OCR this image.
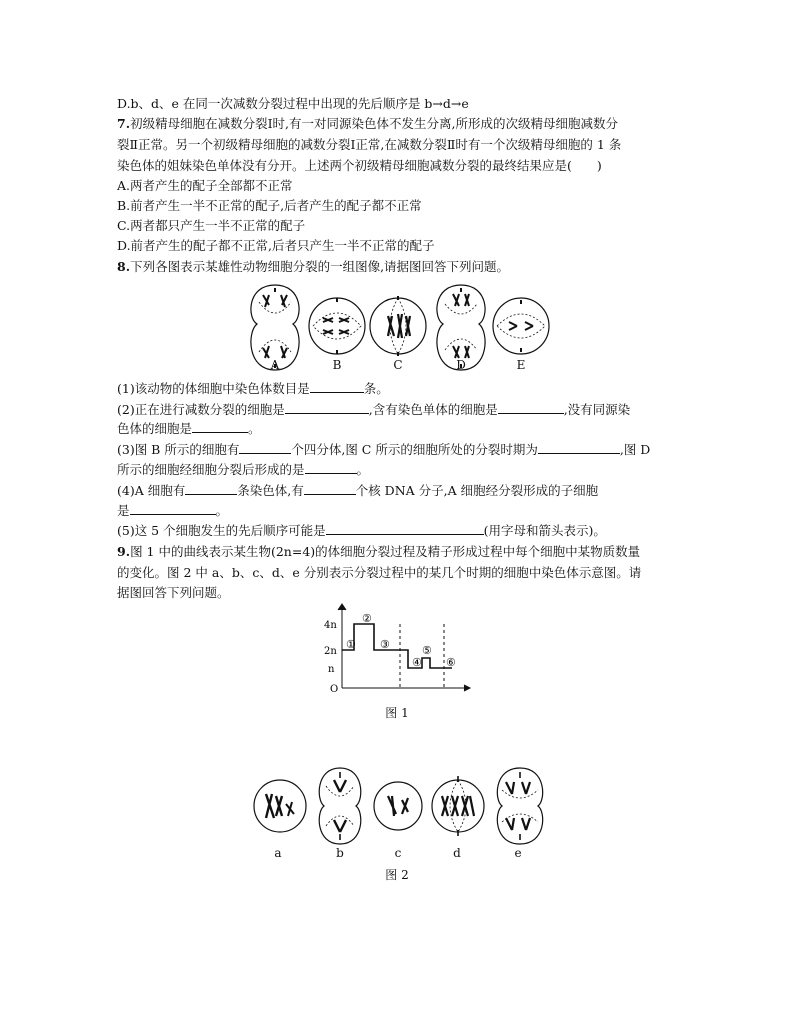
D.b、d、e 在同一次减数分裂过程中出现的先后顺序是 b→d→e
7.初级精母细胞在减数分裂Ⅰ时,有一对同源染色体不发生分离,所形成的次级精母细胞减数分
裂Ⅱ正常。另一个初级精母细胞的减数分裂Ⅰ正常,在减数分裂Ⅱ时有一个次级精母细胞的 1 条
染色体的姐妹染色单体没有分开。上述两个初级精母细胞减数分裂的最终结果应是(　　)
A.两者产生的配子全部都不正常
B.前者产生一半不正常的配子,后者产生的配子都不正常
C.两者都只产生一半不正常的配子
D.前者产生的配子都不正常,后者只产生一半不正常的配子
8.下列各图表示某雄性动物细胞分裂的一组图像,请据图回答下列问题。
A	B	C	D	E
(1)该动物的体细胞中染色体数目是	条。
(2)正在进行减数分裂的细胞是	,含有染色单体的细胞是	,没有同源染
色体的细胞是	。
(3)图 B 所示的细胞有	个四分体,图 C 所示的细胞所处的分裂时期为	,图 D
所示的细胞经细胞分裂后形成的是	。
(4)A 细胞有	条染色体,有	个核 DNA 分子,A 细胞经分裂形成的子细胞
是	。
(5)这 5 个细胞发生的先后顺序可能是	(用字母和箭头表示)。
9.图 1 中的曲线表示某生物(2n=4)的体细胞分裂过程及精子形成过程中每个细胞中某物质数量
的变化。图 2 中 a、b、c、d、e 分别表示分裂过程中的某几个时期的细胞中染色体示意图。请
据图回答下列问题。
4n
2n
n
O
①
②
③
④
⑤
⑥
图 1
a	b	c	d	e
图 2
